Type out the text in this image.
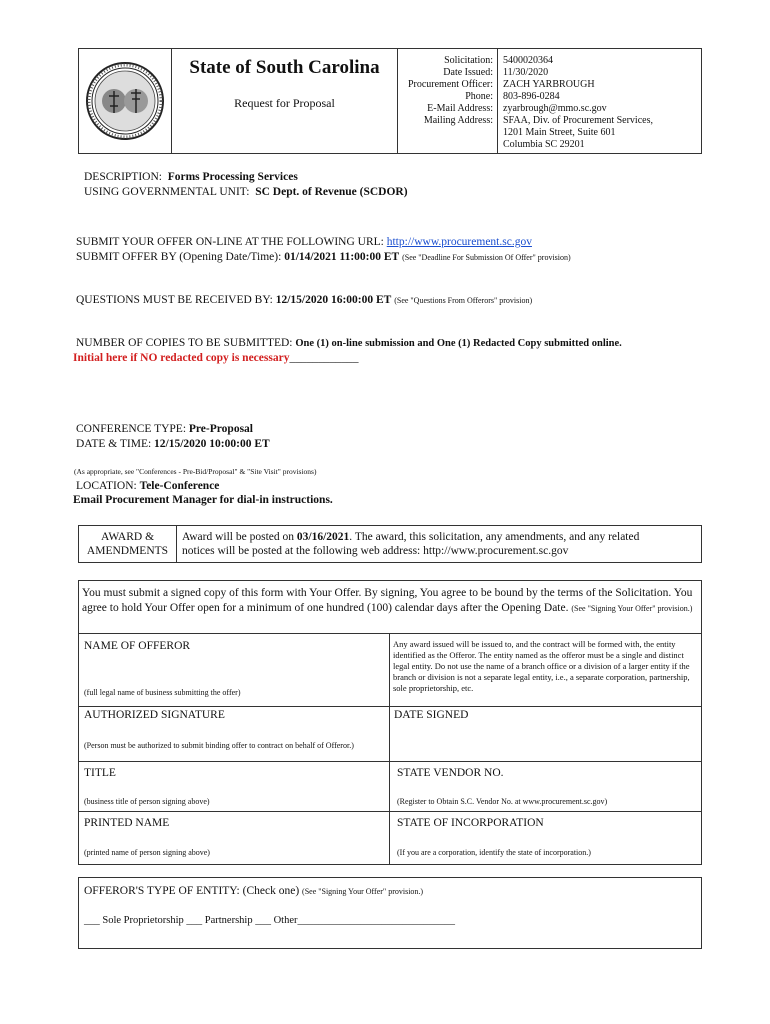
State of South Carolina
Request for Proposal
Solicitation:
Date Issued:
Procurement Officer:
Phone:
E-Mail Address:
Mailing Address:
5400020364
11/30/2020
ZACH YARBROUGH
803-896-0284
zyarbrough@mmo.sc.gov
SFAA, Div. of Procurement Services,
1201 Main Street, Suite 601
Columbia SC 29201
DESCRIPTION: Forms Processing Services
USING GOVERNMENTAL UNIT: SC Dept. of Revenue (SCDOR)
SUBMIT YOUR OFFER ON-LINE AT THE FOLLOWING URL: http://www.procurement.sc.gov
SUBMIT OFFER BY (Opening Date/Time): 01/14/2021 11:00:00 ET (See "Deadline For Submission Of Offer" provision)
QUESTIONS MUST BE RECEIVED BY: 12/15/2020 16:00:00 ET (See "Questions From Offerors" provision)
NUMBER OF COPIES TO BE SUBMITTED: One (1) on-line submission and One (1) Redacted Copy submitted online.
Initial here if NO redacted copy is necessary____________
CONFERENCE TYPE: Pre-Proposal
DATE & TIME: 12/15/2020 10:00:00 ET
(As appropriate, see "Conferences - Pre-Bid/Proposal" & "Site Visit" provisions)
LOCATION: Tele-Conference
Email Procurement Manager for dial-in instructions.
AWARD &
AMENDMENTS
Award will be posted on 03/16/2021. The award, this solicitation, any amendments, and any related
notices will be posted at the following web address: http://www.procurement.sc.gov
You must submit a signed copy of this form with Your Offer. By signing, You agree to be bound by the terms of the Solicitation. You agree to hold Your Offer open for a minimum of one hundred (100) calendar days after the Opening Date. (See "Signing Your Offer" provision.)
NAME OF OFFEROR
(full legal name of business submitting the offer)
Any award issued will be issued to, and the contract will be formed with, the entity identified as the Offeror. The entity named as the offeror must be a single and distinct legal entity. Do not use the name of a branch office or a division of a larger entity if the branch or division is not a separate legal entity, i.e., a separate corporation, partnership, sole proprietorship, etc.
AUTHORIZED SIGNATURE
(Person must be authorized to submit binding offer to contract on behalf of Offeror.)
DATE SIGNED
TITLE
(business title of person signing above)
STATE VENDOR NO.
(Register to Obtain S.C. Vendor No. at www.procurement.sc.gov)
PRINTED NAME
(printed name of person signing above)
STATE OF INCORPORATION
(If you are a corporation, identify the state of incorporation.)
OFFEROR'S TYPE OF ENTITY: (Check one) (See "Signing Your Offer" provision.)
___ Sole Proprietorship ___ Partnership ___ Other______________________________
